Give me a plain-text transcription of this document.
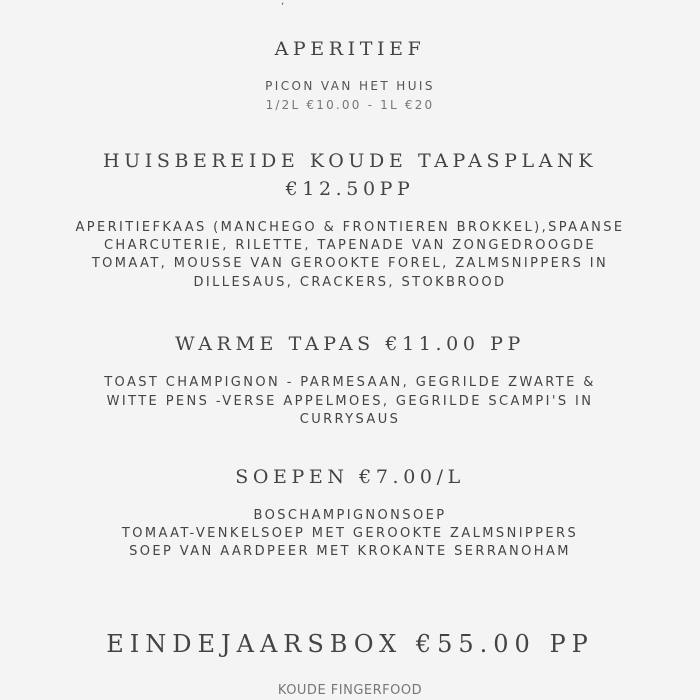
,
APERITIEF
PICON VAN HET HUIS
1/2L €10.00 - 1L €20
HUISBEREIDE KOUDE TAPASPLANK
€12.50PP
APERITIEFKAAS (MANCHEGO & FRONTIEREN BROKKEL),SPAANSE
CHARCUTERIE, RILETTE, TAPENADE VAN ZONGEDROOGDE
TOMAAT, MOUSSE VAN GEROOKTE FOREL, ZALMSNIPPERS IN
DILLESAUS, CRACKERS, STOKBROOD
WARME TAPAS €11.00 PP
TOAST CHAMPIGNON - PARMESAAN, GEGRILDE ZWARTE &
WITTE PENS -VERSE APPELMOES, GEGRILDE SCAMPI'S IN
CURRYSAUS
SOEPEN €7.00/L
BOSCHAMPIGNONSOEP
TOMAAT-VENKELSOEP MET GEROOKTE ZALMSNIPPERS
SOEP VAN AARDPEER MET KROKANTE SERRANOHAM
EINDEJAARSBOX €55.00 PP
KOUDE FINGERFOOD
